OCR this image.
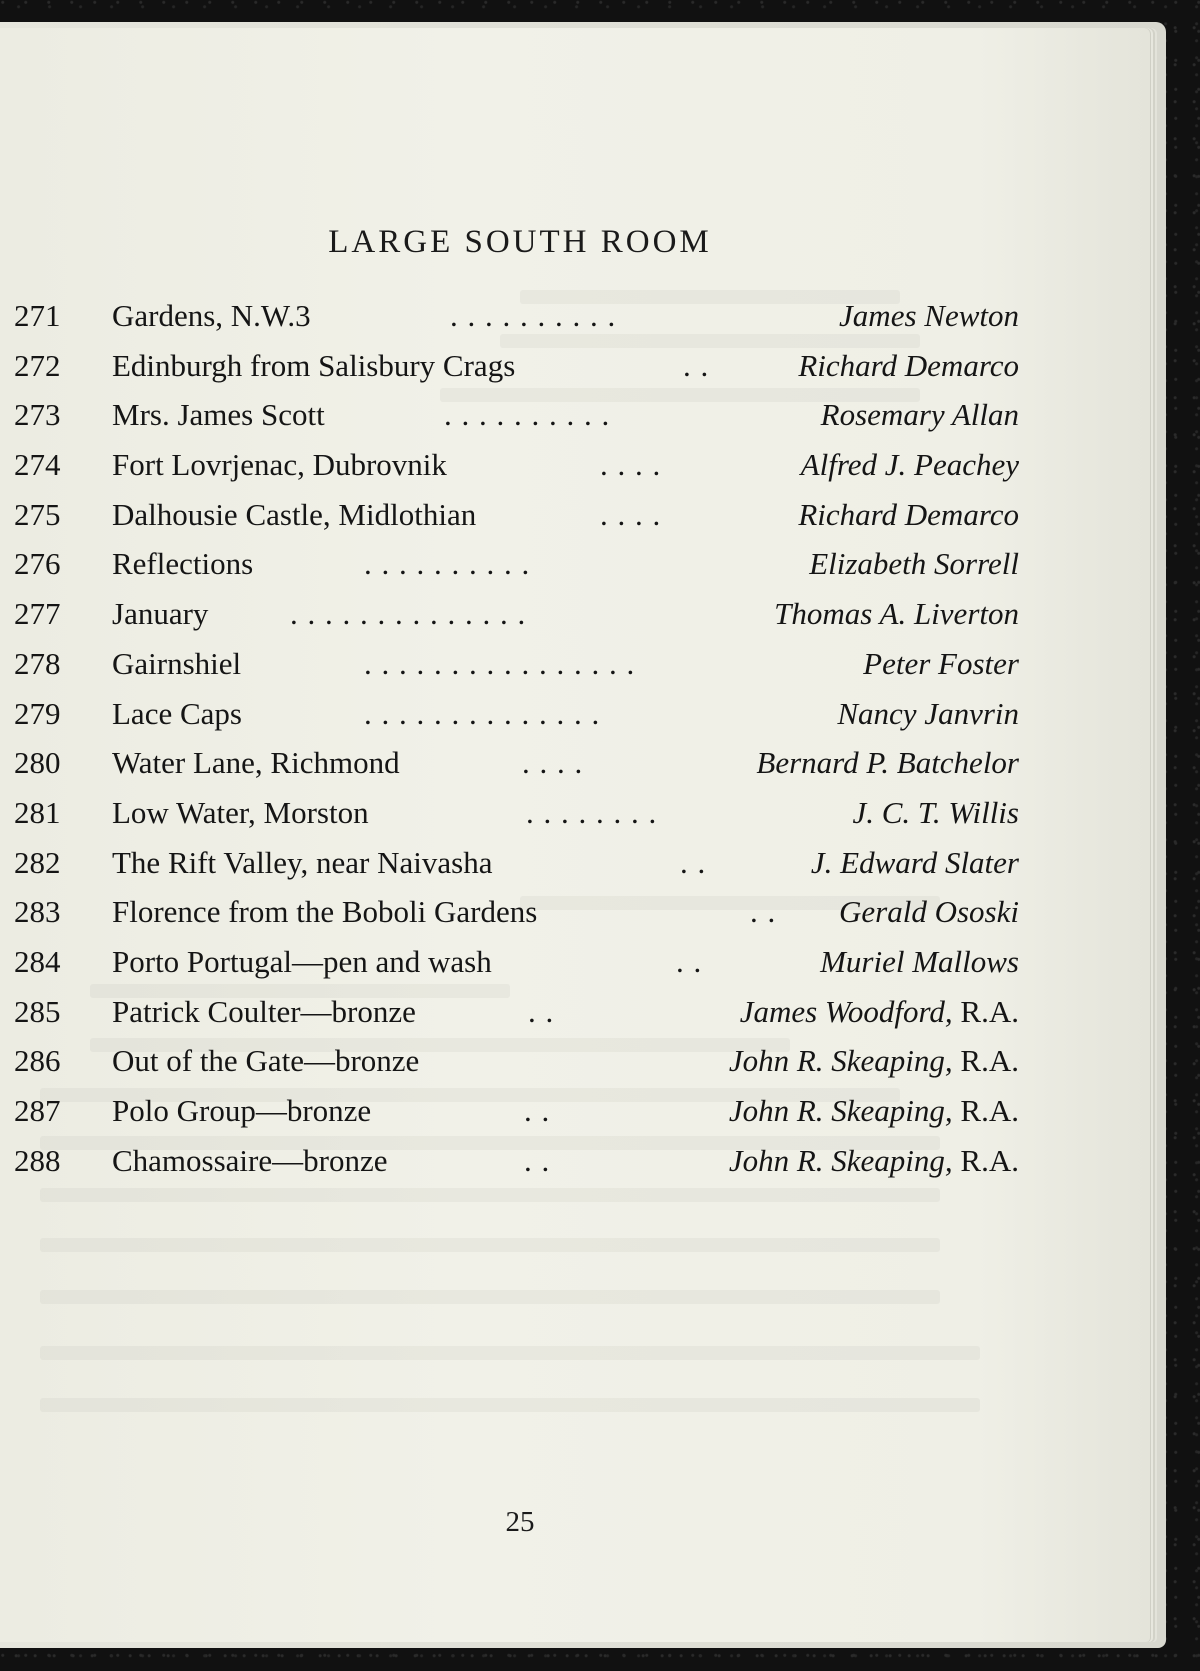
LARGE SOUTH ROOM
271 Gardens, N.W.3	. . . . . . . . . .	James Newton
272 Edinburgh from Salisbury Crags	. .	Richard Demarco
273 Mrs. James Scott	. . . . . . . . . .	Rosemary Allan
274 Fort Lovrjenac, Dubrovnik	. . . .	Alfred J. Peachey
275 Dalhousie Castle, Midlothian	. . . .	Richard Demarco
276 Reflections	. . . . . . . . . .	Elizabeth Sorrell
277 January	. . . . . . . . . . . . . .	Thomas A. Liverton
278 Gairnshiel	. . . . . . . . . . . . . . . .	Peter Foster
279 Lace Caps	. . . . . . . . . . . . . .	Nancy Janvrin
280 Water Lane, Richmond	. . . .	Bernard P. Batchelor
281 Low Water, Morston	. . . . . . . .	J. C. T. Willis
282 The Rift Valley, near Naivasha	. .	J. Edward Slater
283 Florence from the Boboli Gardens	. . Gerald Ososki
284 Porto Portugal—pen and wash	. .	Muriel Mallows
285 Patrick Coulter—bronze	. .	James Woodford, R.A.
286 Out of the Gate—bronze	John R. Skeaping, R.A.
287 Polo Group—bronze	. .	John R. Skeaping, R.A.
288 Chamossaire—bronze	. .	John R. Skeaping, R.A.
25
